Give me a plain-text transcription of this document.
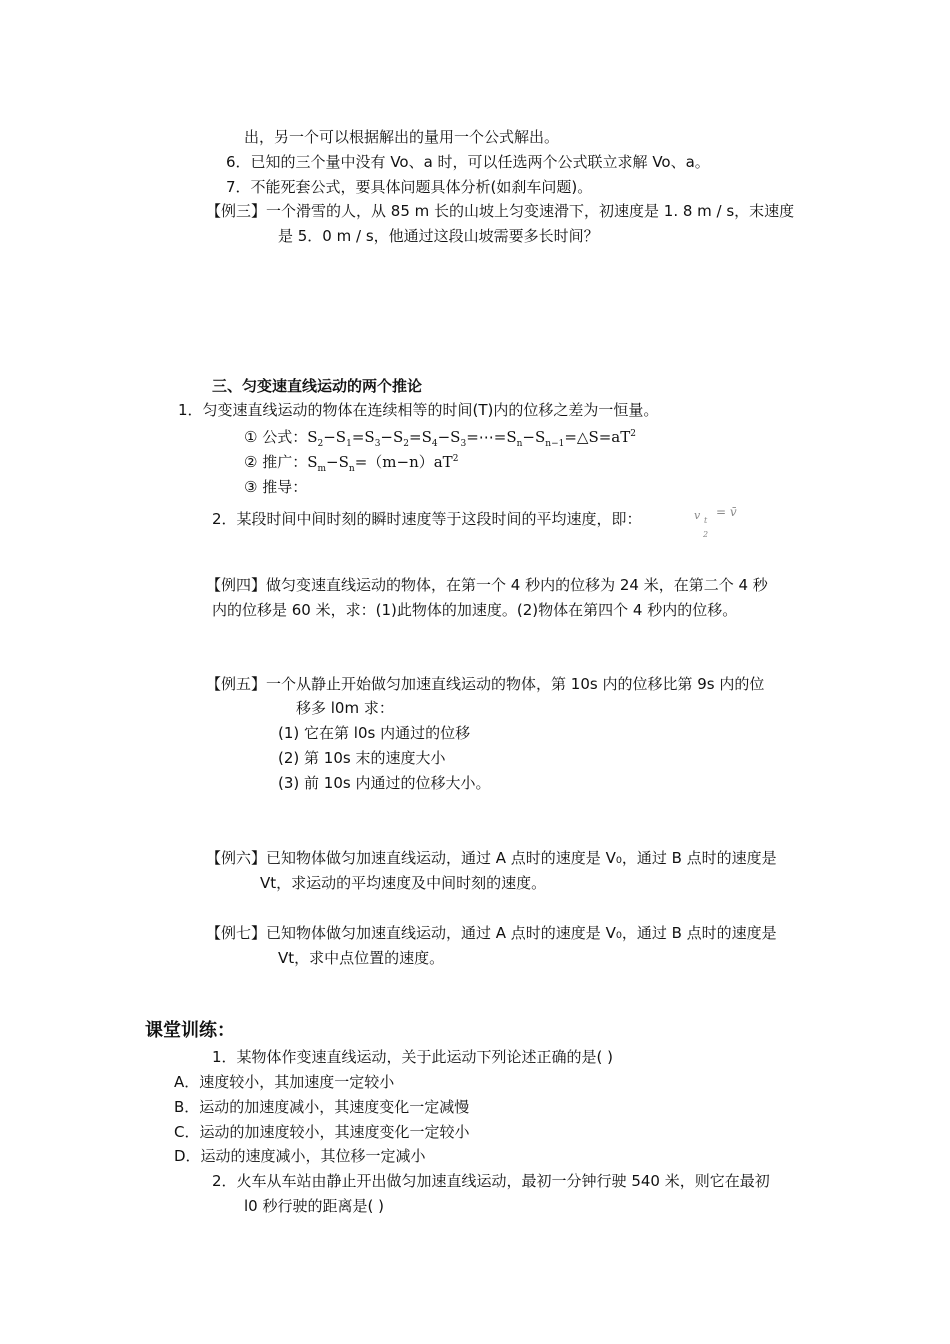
出，另一个可以根据解出的量用一个公式解出。
6．已知的三个量中没有 Vo、a 时，可以任选两个公式联立求解 Vo、a。
7．不能死套公式，要具体问题具体分析(如刹车问题)。
【例三】一个滑雪的人，从 85 m 长的山坡上匀变速滑下，初速度是 1. 8 m / s，末速度
是 5．0 m / s，他通过这段山坡需要多长时间？
三、匀变速直线运动的两个推论
1．匀变速直线运动的物体在连续相等的时间(T)内的位移之差为一恒量。
① 公式：$S_2-S_1=S_3-S_2=S_4-S_3=\cdots=S_n-S_{n-1}=\triangle S=aT^2$
② 推广：$S_m-S_n=(m-n)aT^2$
③ 推导：
2．某段时间中间时刻的瞬时速度等于这段时间的平均速度，即：	v t
2
= v̄
【例四】做匀变速直线运动的物体，在第一个 4 秒内的位移为 24 米，在第二个 4 秒
内的位移是 60 米，求：(1)此物体的加速度。(2)物体在第四个 4 秒内的位移。
【例五】一个从静止开始做匀加速直线运动的物体，第 10s 内的位移比第 9s 内的位
移多 l0m 求：
(1) 它在第 l0s 内通过的位移
(2) 第 10s 末的速度大小
(3) 前 10s 内通过的位移大小。
【例六】已知物体做匀加速直线运动，通过 A 点时的速度是 V₀，通过 B 点时的速度是
Vt，求运动的平均速度及中间时刻的速度。
【例七】已知物体做匀加速直线运动，通过 A 点时的速度是 V₀，通过 B 点时的速度是
Vt，求中点位置的速度。
课堂训练：
1．某物体作变速直线运动，关于此运动下列论述正确的是( )
A．速度较小，其加速度一定较小
B．运动的加速度减小，其速度变化一定减慢
C．运动的加速度较小，其速度变化一定较小
D．运动的速度减小，其位移一定减小
2．火车从车站由静止开出做匀加速直线运动，最初一分钟行驶 540 米，则它在最初
l0 秒行驶的距离是( )
